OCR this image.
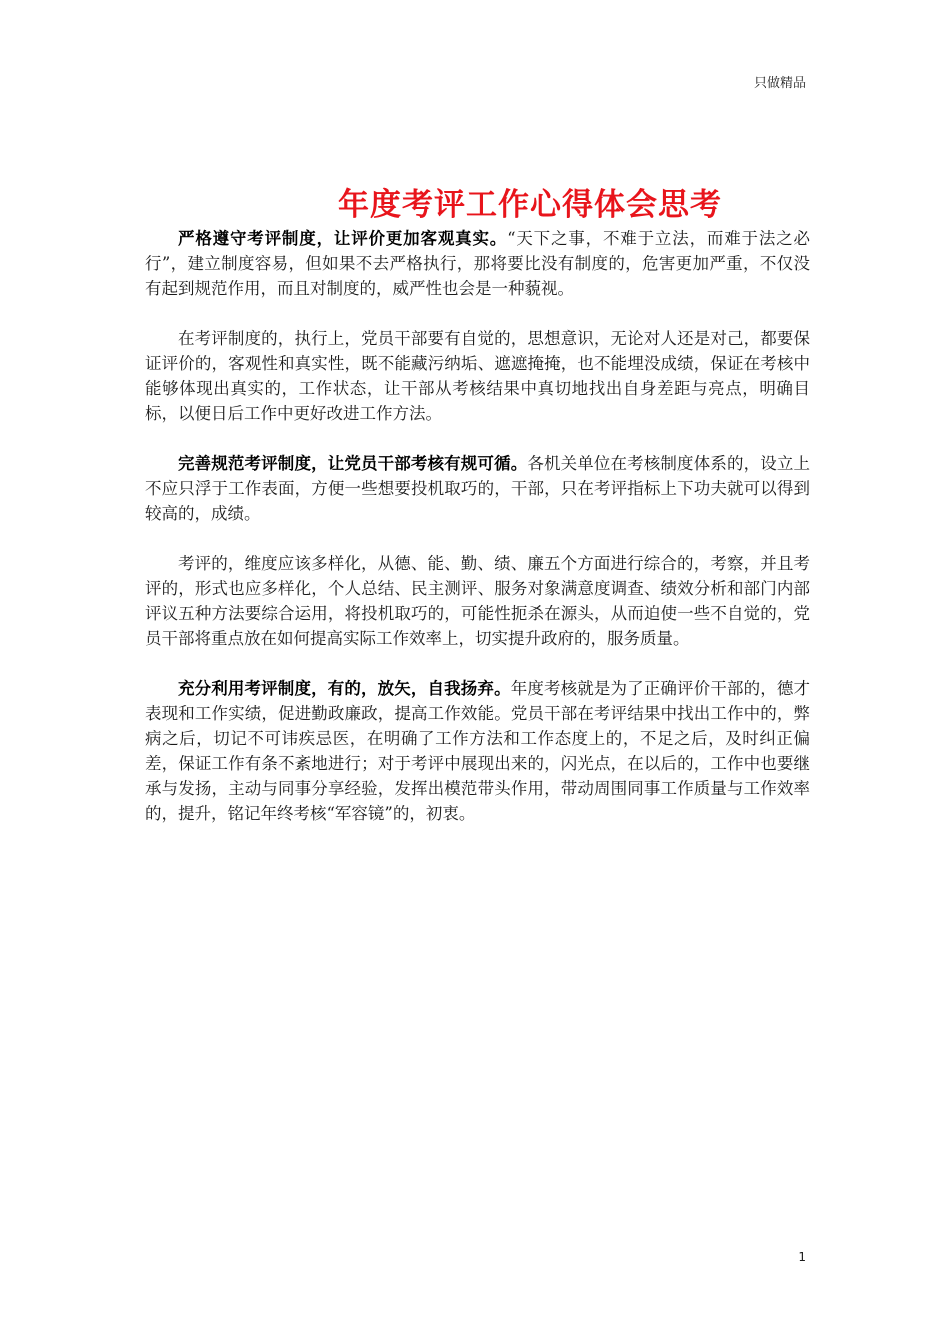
只做精品
年度考评工作心得体会思考

严格遵守考评制度，让评价更加客观真实。“天下之事，不难于立法，而难于法之必行”，建立制度容易，但如果不去严格执行，那将要比没有制度的，危害更加严重，不仅没有起到规范作用，而且对制度的，威严性也会是一种藐视。

在考评制度的，执行上，党员干部要有自觉的，思想意识，无论对人还是对己，都要保证评价的，客观性和真实性，既不能藏污纳垢、遮遮掩掩，也不能埋没成绩，保证在考核中能够体现出真实的，工作状态，让干部从考核结果中真切地找出自身差距与亮点，明确目标，以便日后工作中更好改进工作方法。

完善规范考评制度，让党员干部考核有规可循。各机关单位在考核制度体系的，设立上不应只浮于工作表面，方便一些想要投机取巧的，干部，只在考评指标上下功夫就可以得到较高的，成绩。

考评的，维度应该多样化，从德、能、勤、绩、廉五个方面进行综合的，考察，并且考评的，形式也应多样化，个人总结、民主测评、服务对象满意度调查、绩效分析和部门内部评议五种方法要综合运用，将投机取巧的，可能性扼杀在源头，从而迫使一些不自觉的，党员干部将重点放在如何提高实际工作效率上，切实提升政府的，服务质量。

充分利用考评制度，有的，放矢，自我扬弃。年度考核就是为了正确评价干部的，德才表现和工作实绩，促进勤政廉政，提高工作效能。党员干部在考评结果中找出工作中的，弊病之后，切记不可讳疾忌医，在明确了工作方法和工作态度上的，不足之后，及时纠正偏差，保证工作有条不紊地进行；对于考评中展现出来的，闪光点，在以后的，工作中也要继承与发扬，主动与同事分享经验，发挥出模范带头作用，带动周围同事工作质量与工作效率的，提升，铭记年终考核“军容镜”的，初衷。

1
